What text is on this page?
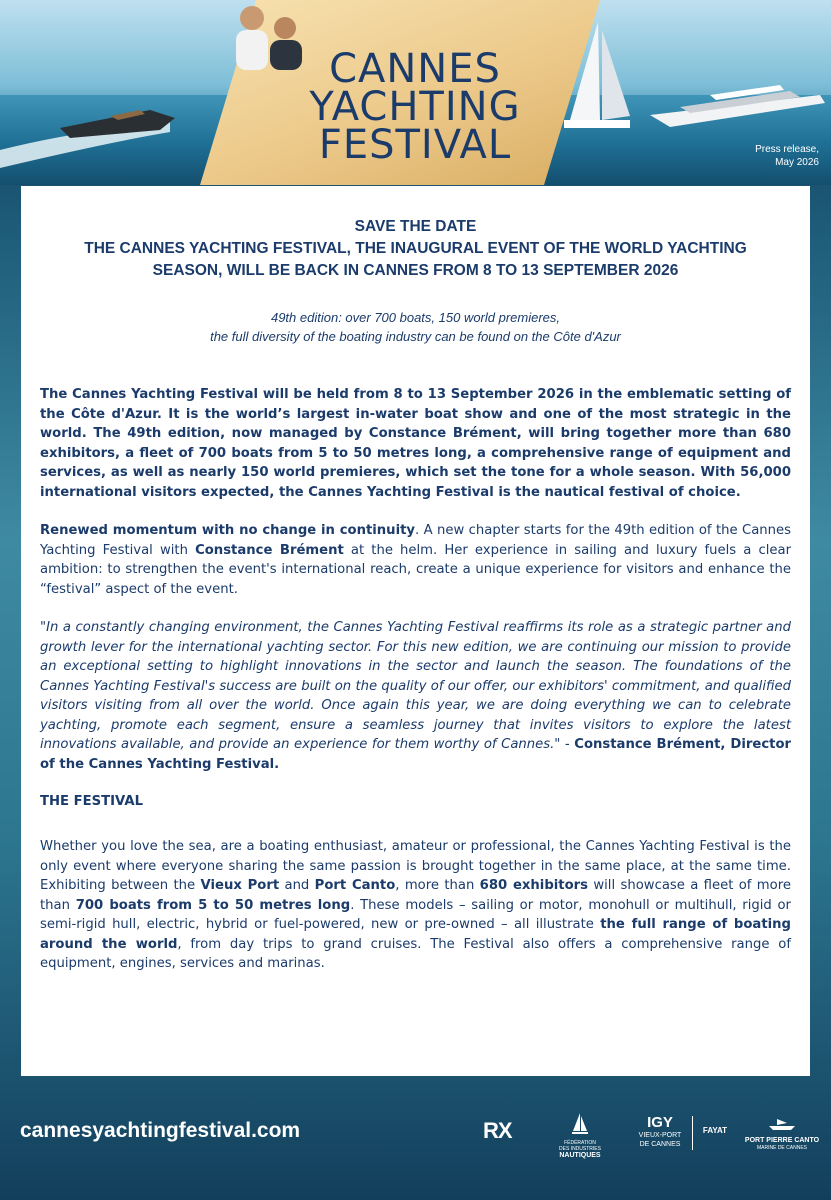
CANNES
YACHTING
FESTIVAL	Press release,
May 2026
SAVE THE DATE
THE CANNES YACHTING FESTIVAL, THE INAUGURAL EVENT OF THE WORLD YACHTING
SEASON, WILL BE BACK IN CANNES FROM 8 TO 13 SEPTEMBER 2026
49th edition: over 700 boats, 150 world premieres,
the full diversity of the boating industry can be found on the Côte d'Azur

The Cannes Yachting Festival will be held from 8 to 13 September 2026 in the emblematic setting of the Côte d'Azur. It is the world’s largest in-water boat show and one of the most strategic in the world. The 49th edition, now managed by Constance Brément, will bring together more than 680 exhibitors, a fleet of 700 boats from 5 to 50 metres long, a comprehensive range of equipment and services, as well as nearly 150 world premieres, which set the tone for a whole season. With 56,000 international visitors expected, the Cannes Yachting Festival is the nautical festival of choice.

Renewed momentum with no change in continuity. A new chapter starts for the 49th edition of the Cannes Yachting Festival with Constance Brément at the helm. Her experience in sailing and luxury fuels a clear ambition: to strengthen the event's international reach, create a unique experience for visitors and enhance the “festival” aspect of the event.

"In a constantly changing environment, the Cannes Yachting Festival reaffirms its role as a strategic partner and growth lever for the international yachting sector. For this new edition, we are continuing our mission to provide an exceptional setting to highlight innovations in the sector and launch the season. The foundations of the Cannes Yachting Festival's success are built on the quality of our offer, our exhibitors' commitment, and qualified visitors visiting from all over the world. Once again this year, we are doing everything we can to celebrate yachting, promote each segment, ensure a seamless journey that invites visitors to explore the latest innovations available, and provide an experience for them worthy of Cannes." - Constance Brément, Director of the Cannes Yachting Festival.

THE FESTIVAL

Whether you love the sea, are a boating enthusiast, amateur or professional, the Cannes Yachting Festival is the only event where everyone sharing the same passion is brought together in the same place, at the same time. Exhibiting between the Vieux Port and Port Canto, more than 680 exhibitors will showcase a fleet of more than 700 boats from 5 to 50 metres long. These models – sailing or motor, monohull or multihull, rigid or semi-rigid hull, electric, hybrid or fuel-powered, new or pre-owned – all illustrate the full range of boating around the world, from day trips to grand cruises. The Festival also offers a comprehensive range of equipment, engines, services and marinas.

cannesyachtingfestival.com	RX	FÉDÉRATION
DES INDUSTRIES
NAUTIQUES
IGY
VIEUX-PORT
DE CANNES
FAYAT
PORT PIERRE CANTO
MARINE DE CANNES
